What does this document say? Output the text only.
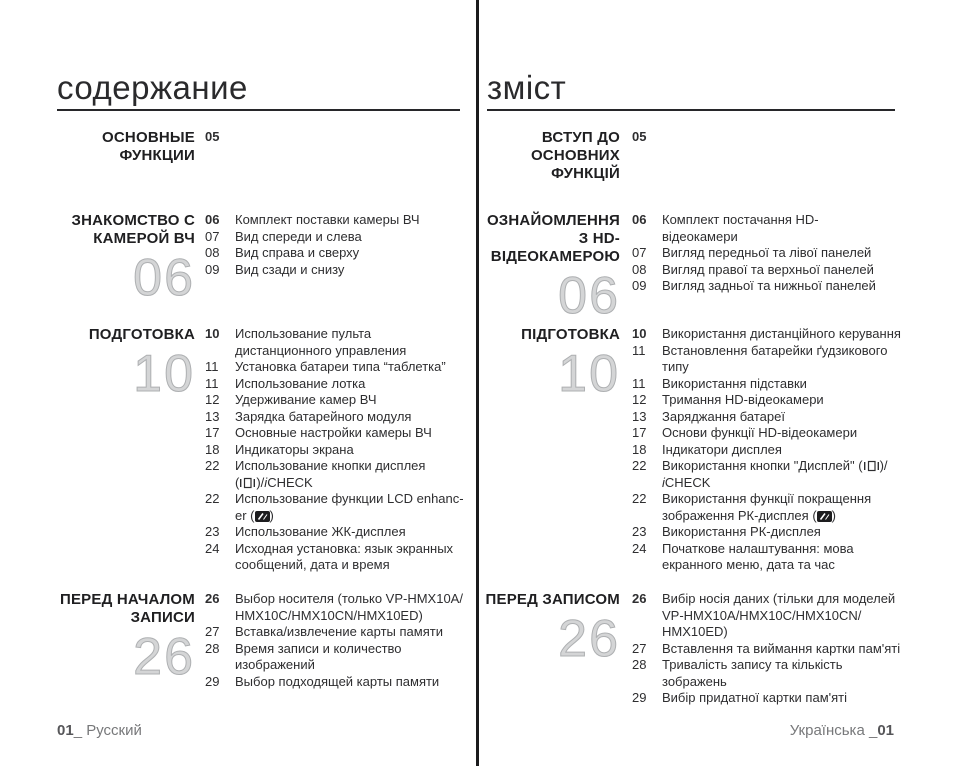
содержание
ОСНОВНЫЕ
ФУНКЦИИ
05
ЗНАКОМСТВО С
КАМЕРОЙ ВЧ
06
06	Комплект поставки камеры ВЧ
07	Вид спереди и слева
08	Вид справа и сверху
09	Вид сзади и снизу
ПОДГОТОВКА
10
10	Использование пульта
дистанционного управления
11	Установка батареи типа “таблетка”
11	Использование лотка
12	Удерживание камер ВЧ
13	Зарядка батарейного модуля
17	Основные настройки камеры ВЧ
18	Индикаторы экрана
22	Использование кнопки дисплея
( )/iCHECK
22	Использование функции LCD enhanc-
er ( )
23	Использование ЖК-дисплея
24	Исходная установка: язык экранных
сообщений, дата и время
ПЕРЕД НАЧАЛОМ
ЗАПИСИ
26
26	Выбор носителя (только VP-HMX10A/
HMX10C/HMX10CN/HMX10ED)
27	Вставка/извлечение карты памяти
28	Время записи и количество
изображений
29	Выбор подходящей карты памяти
01_ Русский
зміст
ВСТУП ДО
ОСНОВНИХ
ФУНКЦІЙ
05
ОЗНАЙОМЛЕННЯ
З HD-
ВІДЕОКАМЕРОЮ
06
06	Комплект постачання HD-
відеокамери
07	Вигляд передньої та лівої панелей
08	Вигляд правої та верхньої панелей
09	Вигляд задньої та нижньої панелей
ПІДГОТОВКА
10
10	Використання дистанційного керування
11	Встановлення батарейки ґудзикового
типу
11	Використання підставки
12	Тримання HD-відеокамери
13	Заряджання батареї
17	Основи функції HD-відеокамери
18	Індикатори дисплея
22	Використання кнопки "Дисплей" ( )/
iCHECK
22	Використання функції покращення
зображення РК-дисплея ( )
23	Використання РК-дисплея
24	Початкове налаштування: мова
екранного меню, дата та час
ПЕРЕД ЗАПИСОМ
26
26	Вибір носія даних (тільки для моделей
VP-HMX10A/HMX10C/HMX10CN/
HMX10ED)
27	Вставлення та виймання картки пам'яті
28	Тривалість запису та кількість
зображень
29	Вибір придатної картки пам'яті
Українська _01
